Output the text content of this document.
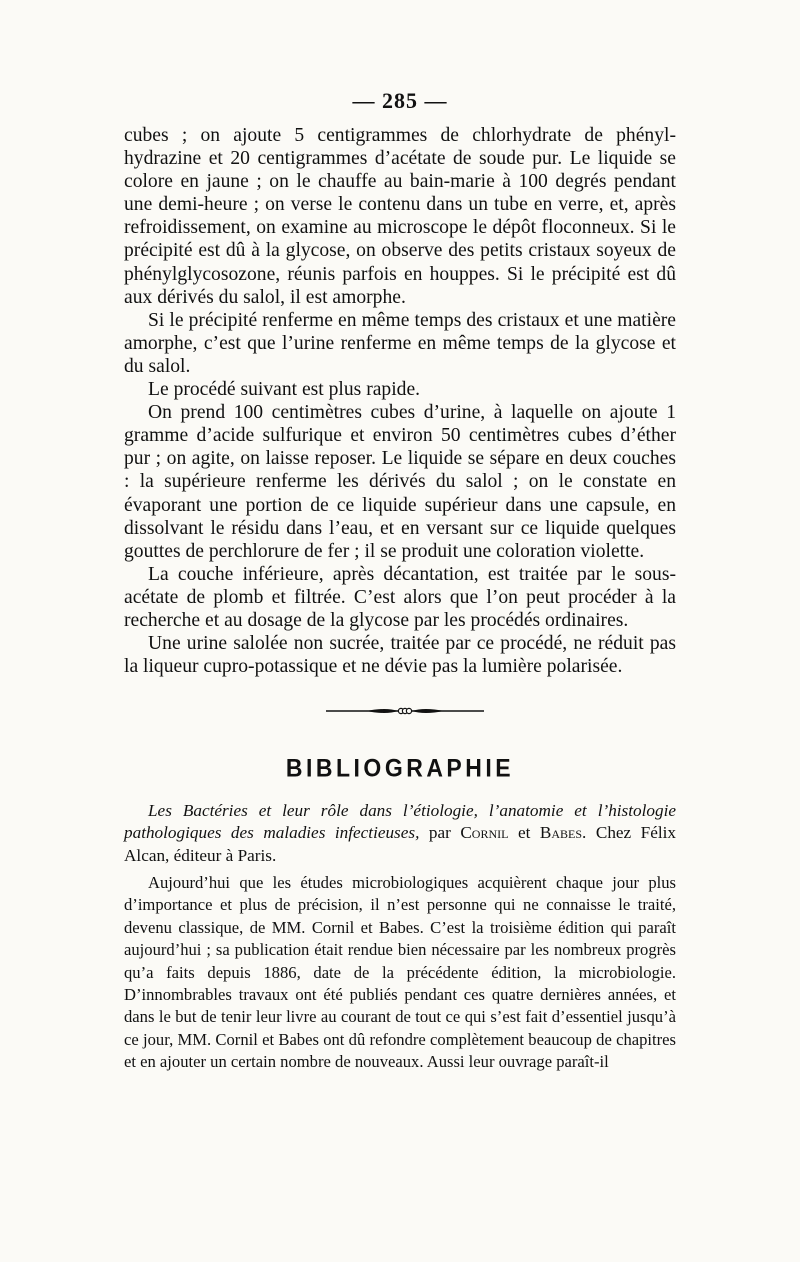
— 285 —

cubes ; on ajoute 5 centigrammes de chlorhydrate de phényl-hydrazine et 20 centigrammes d’acétate de soude pur. Le liquide se colore en jaune ; on le chauffe au bain-marie à 100 degrés pendant une demi-heure ; on verse le contenu dans un tube en verre, et, après refroidissement, on examine au microscope le dépôt floconneux. Si le précipité est dû à la glycose, on observe des petits cristaux soyeux de phénylglycosozone, réunis parfois en houppes. Si le précipité est dû aux dérivés du salol, il est amorphe.

Si le précipité renferme en même temps des cristaux et une matière amorphe, c’est que l’urine renferme en même temps de la glycose et du salol.

Le procédé suivant est plus rapide.

On prend 100 centimètres cubes d’urine, à laquelle on ajoute 1 gramme d’acide sulfurique et environ 50 centimètres cubes d’éther pur ; on agite, on laisse reposer. Le liquide se sépare en deux couches : la supérieure renferme les dérivés du salol ; on le constate en évaporant une portion de ce liquide supérieur dans une capsule, en dissolvant le résidu dans l’eau, et en versant sur ce liquide quelques gouttes de perchlorure de fer ; il se produit une coloration violette.

La couche inférieure, après décantation, est traitée par le sous-acétate de plomb et filtrée. C’est alors que l’on peut procéder à la recherche et au dosage de la glycose par les procédés ordinaires.

Une urine salolée non sucrée, traitée par ce procédé, ne réduit pas la liqueur cupro-potassique et ne dévie pas la lumière polarisée.

BIBLIOGRAPHIE
Les Bactéries et leur rôle dans l’étiologie, l’anatomie et l’histologie pathologiques des maladies infectieuses, par Cornil et Babes. Chez Félix Alcan, éditeur à Paris.

Aujourd’hui que les études microbiologiques acquièrent chaque jour plus d’importance et plus de précision, il n’est personne qui ne connaisse le traité, devenu classique, de MM. Cornil et Babes. C’est la troisième édition qui paraît aujourd’hui ; sa publication était rendue bien nécessaire par les nombreux progrès qu’a faits depuis 1886, date de la précédente édition, la microbiologie. D’innombrables travaux ont été publiés pendant ces quatre dernières années, et dans le but de tenir leur livre au courant de tout ce qui s’est fait d’essentiel jusqu’à ce jour, MM. Cornil et Babes ont dû refondre complètement beaucoup de chapitres et en ajouter un certain nombre de nouveaux. Aussi leur ouvrage paraît-il
